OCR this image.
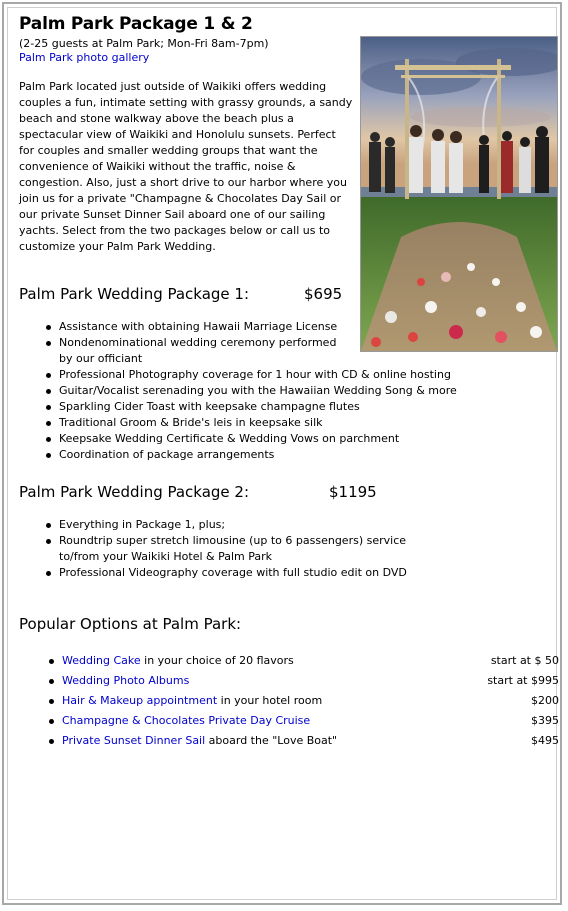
Palm Park Package 1 & 2
(2-25 guests at Palm Park; Mon-Fri 8am-7pm)
Palm Park photo gallery
Palm Park located just outside of Waikiki offers wedding couples a fun, intimate setting with grassy grounds, a sandy beach and stone walkway above the beach plus a spectacular view of Waikiki and Honolulu sunsets. Perfect for couples and smaller wedding groups that want the convenience of Waikiki without the traffic, noise & congestion. Also, just a short drive to our harbor where you join us for a private "Champagne & Chocolates Day Sail or our private Sunset Dinner Sail aboard one of our sailing yachts. Select from the two packages below or call us to customize your Palm Park Wedding.
Palm Park Wedding Package 1:	$695
Assistance with obtaining Hawaii Marriage License
Nondenominational wedding ceremony performed by our officiant
Professional Photography coverage for 1 hour with CD & online hosting
Guitar/Vocalist serenading you with the Hawaiian Wedding Song & more
Sparkling Cider Toast with keepsake champagne flutes
Traditional Groom & Bride's leis in keepsake silk
Keepsake Wedding Certificate & Wedding Vows on parchment
Coordination of package arrangements
Palm Park Wedding Package 2:	$1195
Everything in Package 1, plus;
Roundtrip super stretch limousine (up to 6 passengers) service to/from your Waikiki Hotel & Palm Park
Professional Videography coverage with full studio edit on DVD
Popular Options at Palm Park:
Wedding Cake in your choice of 20 flavors	start at $ 50
Wedding Photo Albums	start at $995
Hair & Makeup appointment in your hotel room	$200
Champagne & Chocolates Private Day Cruise	$395
Private Sunset Dinner Sail aboard the "Love Boat"	$495
